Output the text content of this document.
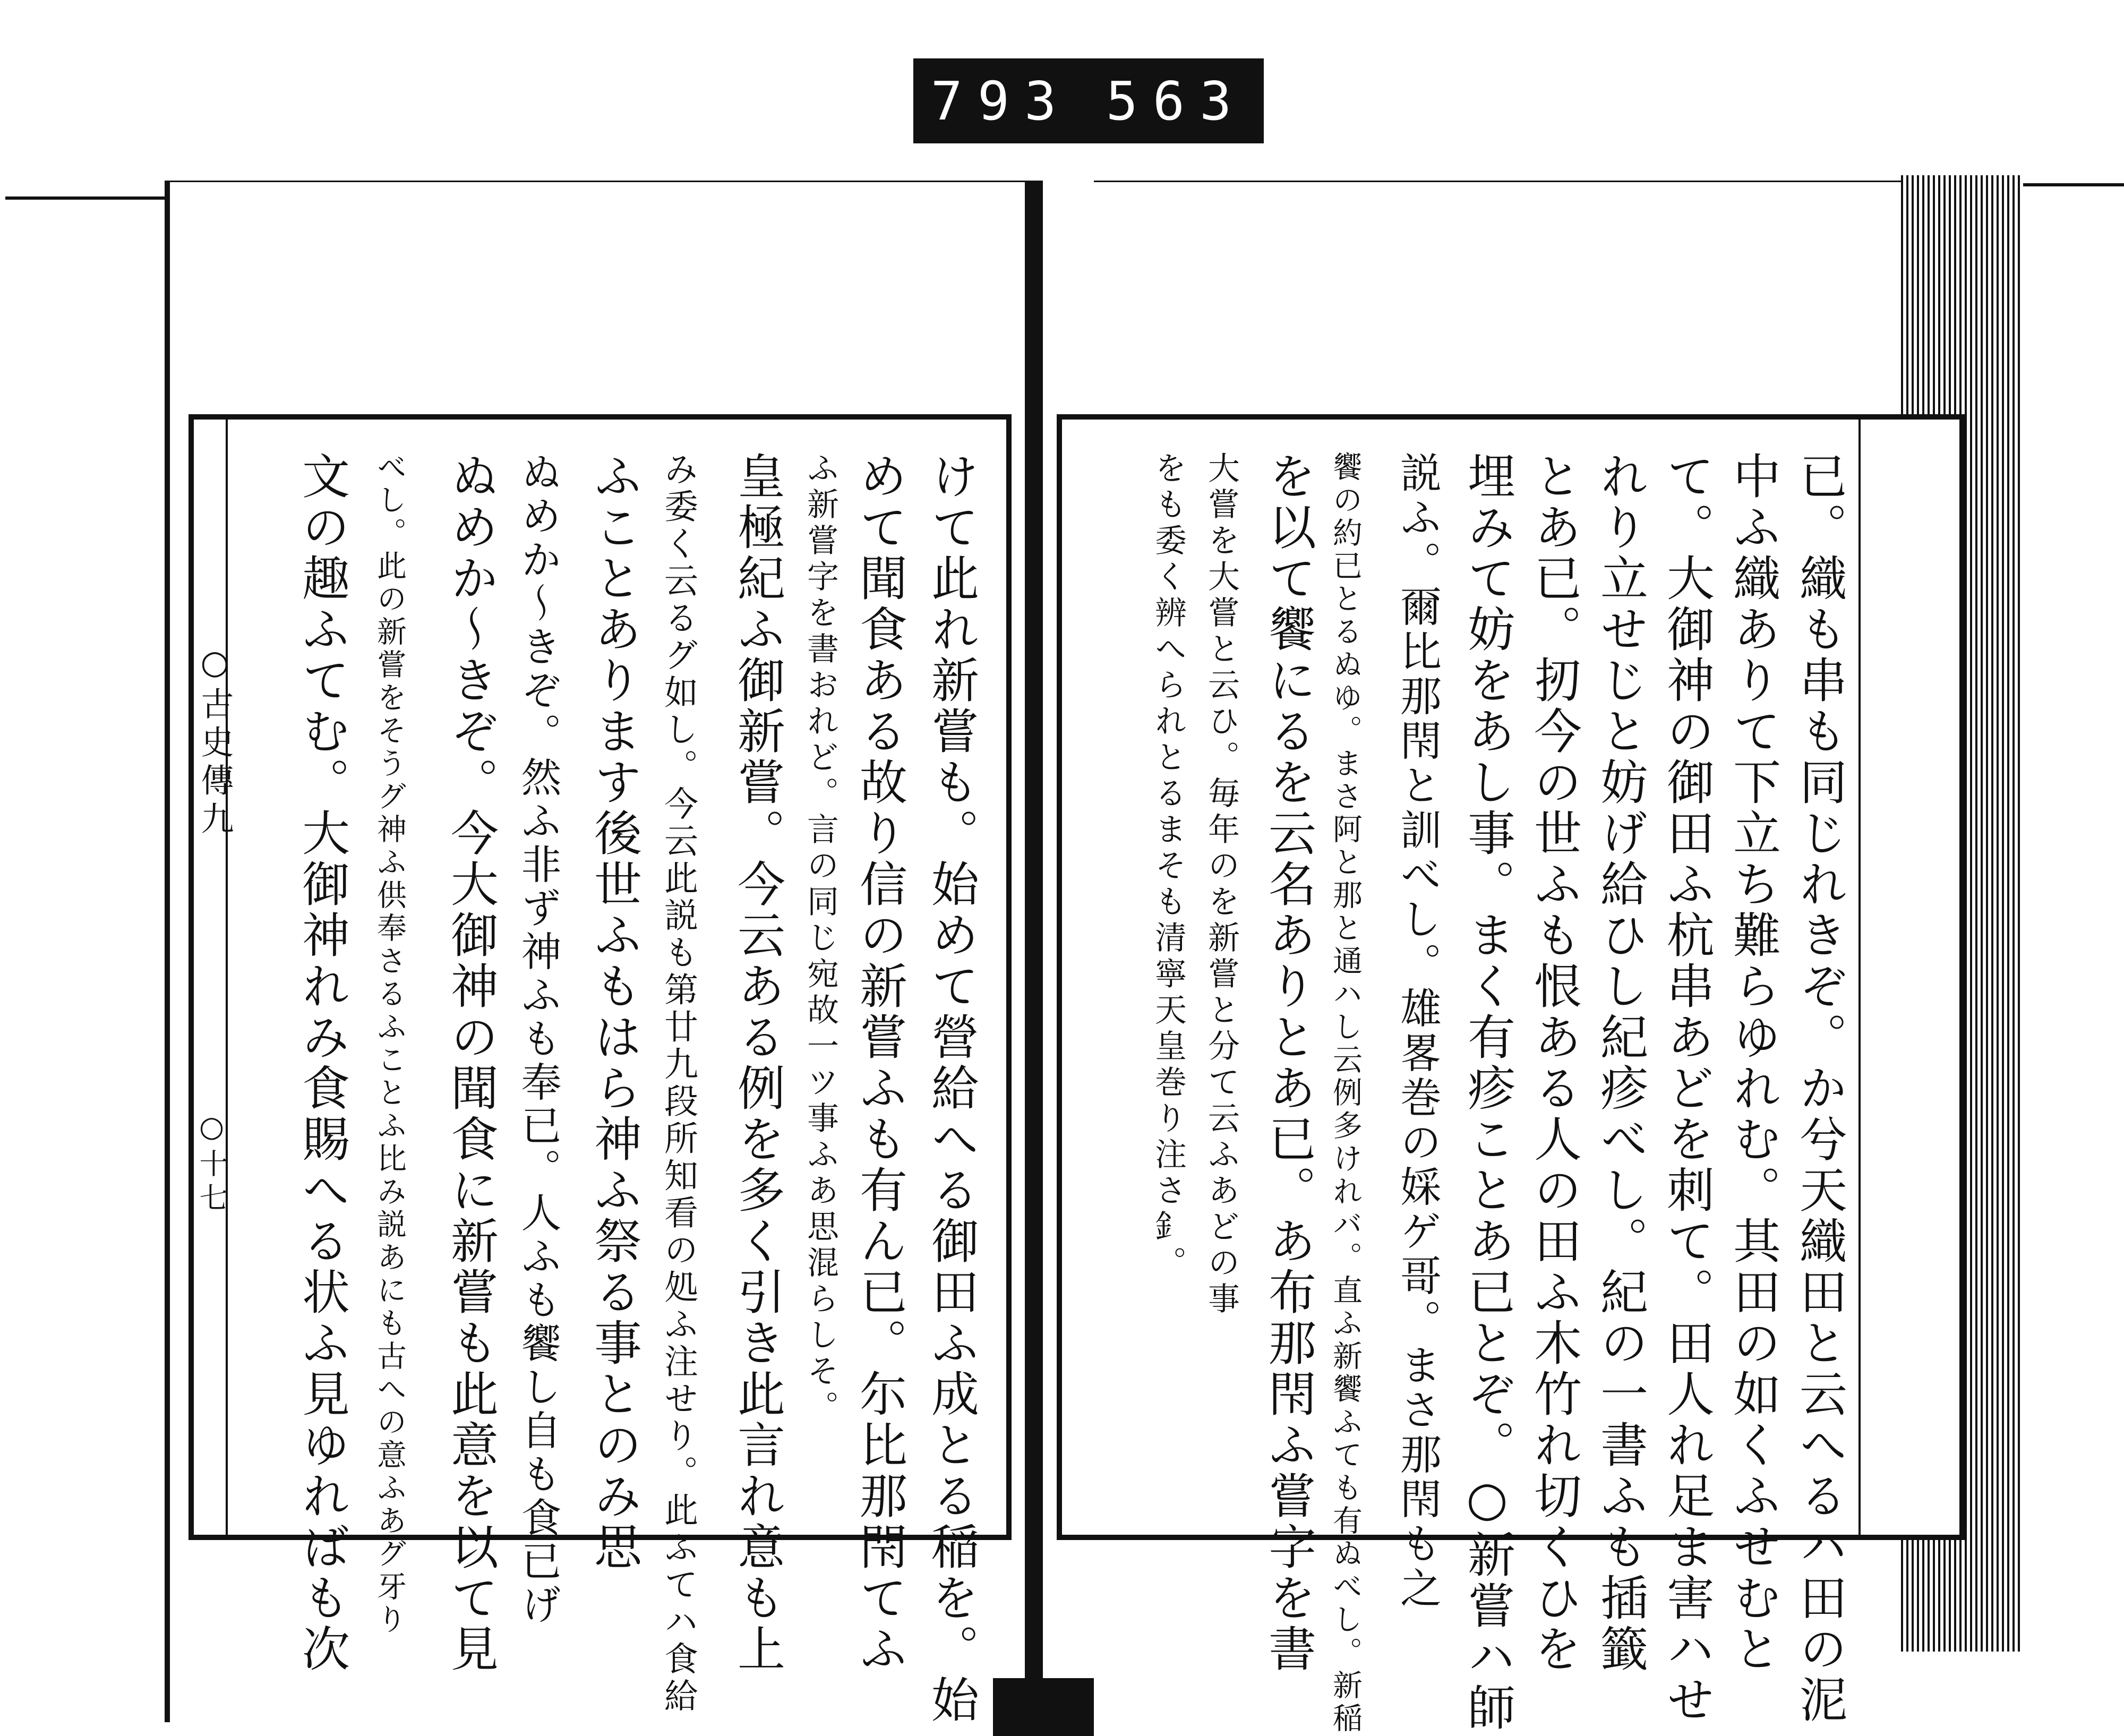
793 563
○古史傳九
○十七	けて此れ新嘗も。始めて營給へる御田ふ成とる稲を。始
めて聞食ある故り信の新嘗ふも有ん已。尓比那閇てふ
ふ新嘗字を書おれど。言の同じ宛故一ツ事ふあ思混らしそ。
皇極紀ふ御新嘗。今云ある例を多く引き此言れ意も上
み委く云るグ如し。今云此説も第廿九段所知看の処ふ注せり。此ふてハ食給
ふことあります後世ふもはら神ふ祭る事とのみ思
ぬめか〜きぞ。然ふ非ず神ふも奉已。人ふも饗し自も食已げ
ぬめか〜きぞ。今大御神の聞食に新嘗も此意を以て見
べし。此の新嘗をそうグ神ふ供奉さるふことふ比み説あにも古への意ふあグ牙り
文の趣ふてむ。大御神れみ食賜へる状ふ見ゆればも次	已。織も串も同じれきぞ。か兮天織田と云へるハ田の泥
中ふ織ありて下立ち難らゆれむ。其田の如くふせむと
て。大御神の御田ふ杭串あどを刺て。田人れ足ま害ハせ
れり立せじと妨げ給ひし紀疹べし。紀の一書ふも插籤
とあ已。扨今の世ふも恨ある人の田ふ木竹れ切くひを
埋みて妨をあし事。まく有疹ことあ已とぞ。○新嘗ハ師
説ふ。爾比那閇と訓べし。雄畧巻の婇ゲ哥。まさ那閇も之
饗の約已とるぬゆ。まさ阿と那と通ハし云例多けれバ。直ふ新饗ふても有ぬべし。新稲
を以て饗にるを云名ありとあ已。あ布那閇ふ嘗字を書
大嘗を大嘗と云ひ。毎年のを新嘗と分て云ふあどの事
をも委く辨へられとるまそも清寧天皇巻り注さ釒。
